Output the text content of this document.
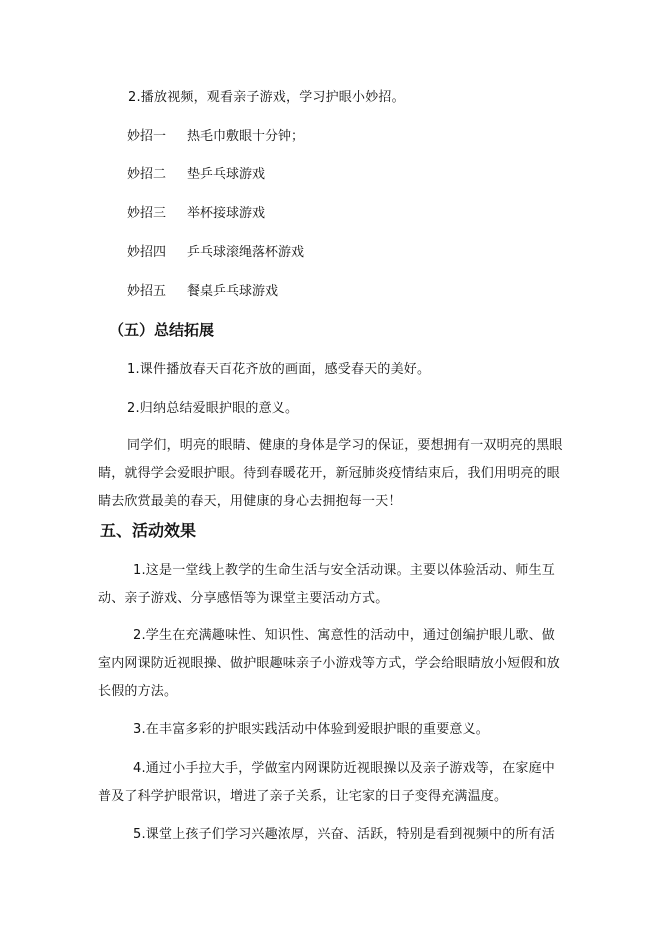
2.播放视频，观看亲子游戏，学习护眼小妙招。
妙招一 热毛巾敷眼十分钟；
妙招二 垫乒乓球游戏
妙招三 举杯接球游戏
妙招四 乒乓球滚绳落杯游戏
妙招五 餐桌乒乓球游戏
（五）总结拓展
1.课件播放春天百花齐放的画面，感受春天的美好。
2.归纳总结爱眼护眼的意义。
同学们，明亮的眼睛、健康的身体是学习的保证，要想拥有一双明亮的黑眼
睛，就得学会爱眼护眼。待到春暖花开，新冠肺炎疫情结束后，我们用明亮的眼
睛去欣赏最美的春天，用健康的身心去拥抱每一天！
五、活动效果
1.这是一堂线上教学的生命生活与安全活动课。主要以体验活动、师生互
动、亲子游戏、分享感悟等为课堂主要活动方式。
2.学生在充满趣味性、知识性、寓意性的活动中，通过创编护眼儿歌、做
室内网课防近视眼操、做护眼趣味亲子小游戏等方式，学会给眼睛放小短假和放
长假的方法。
3.在丰富多彩的护眼实践活动中体验到爱眼护眼的重要意义。
4.通过小手拉大手，学做室内网课防近视眼操以及亲子游戏等，在家庭中
普及了科学护眼常识，增进了亲子关系，让宅家的日子变得充满温度。
5.课堂上孩子们学习兴趣浓厚，兴奋、活跃，特别是看到视频中的所有活
